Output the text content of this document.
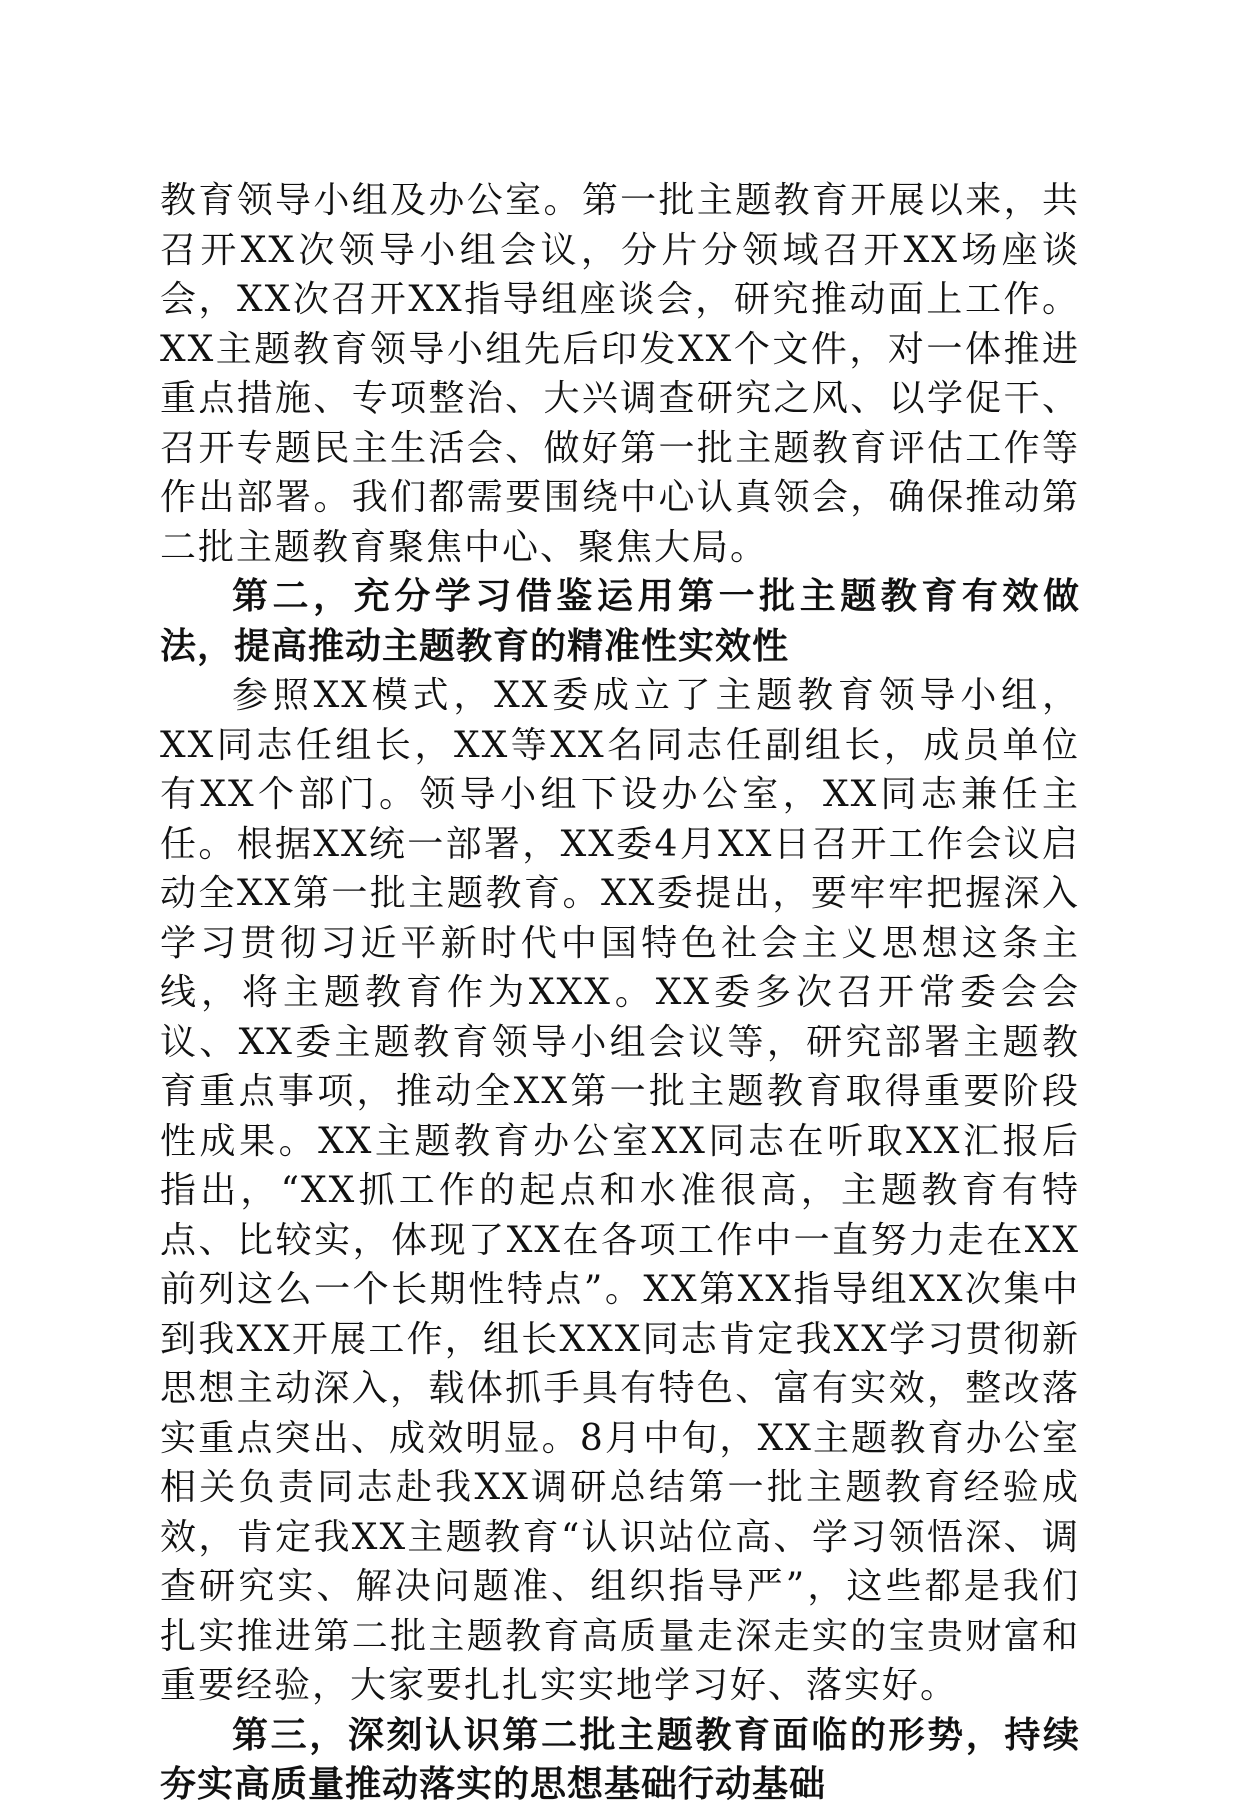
教育领导小组及办公室。第一批主题教育开展以来，共召开XX次领导小组会议，分片分领域召开XX场座谈会，XX次召开XX指导组座谈会，研究推动面上工作。XX主题教育领导小组先后印发XX个文件，对一体推进重点措施、专项整治、大兴调查研究之风、以学促干、召开专题民主生活会、做好第一批主题教育评估工作等作出部署。我们都需要围绕中心认真领会，确保推动第二批主题教育聚焦中心、聚焦大局。

第二，充分学习借鉴运用第一批主题教育有效做法，提高推动主题教育的精准性实效性

参照XX模式，XX委成立了主题教育领导小组，XX同志任组长，XX等XX名同志任副组长，成员单位有XX个部门。领导小组下设办公室，XX同志兼任主任。根据XX统一部署，XX委4月XX日召开工作会议启动全XX第一批主题教育。XX委提出，要牢牢把握深入学习贯彻习近平新时代中国特色社会主义思想这条主线，将主题教育作为XXX。XX委多次召开常委会会议、XX委主题教育领导小组会议等，研究部署主题教育重点事项，推动全XX第一批主题教育取得重要阶段性成果。XX主题教育办公室XX同志在听取XX汇报后指出，“XX抓工作的起点和水准很高，主题教育有特点、比较实，体现了XX在各项工作中一直努力走在XX前列这么一个长期性特点”。XX第XX指导组XX次集中到我XX开展工作，组长XXX同志肯定我XX学习贯彻新思想主动深入，载体抓手具有特色、富有实效，整改落实重点突出、成效明显。8月中旬，XX主题教育办公室相关负责同志赴我XX调研总结第一批主题教育经验成效，肯定我XX主题教育“认识站位高、学习领悟深、调查研究实、解决问题准、组织指导严”，这些都是我们扎实推进第二批主题教育高质量走深走实的宝贵财富和重要经验，大家要扎扎实实地学习好、落实好。

第三，深刻认识第二批主题教育面临的形势，持续夯实高质量推动落实的思想基础行动基础
